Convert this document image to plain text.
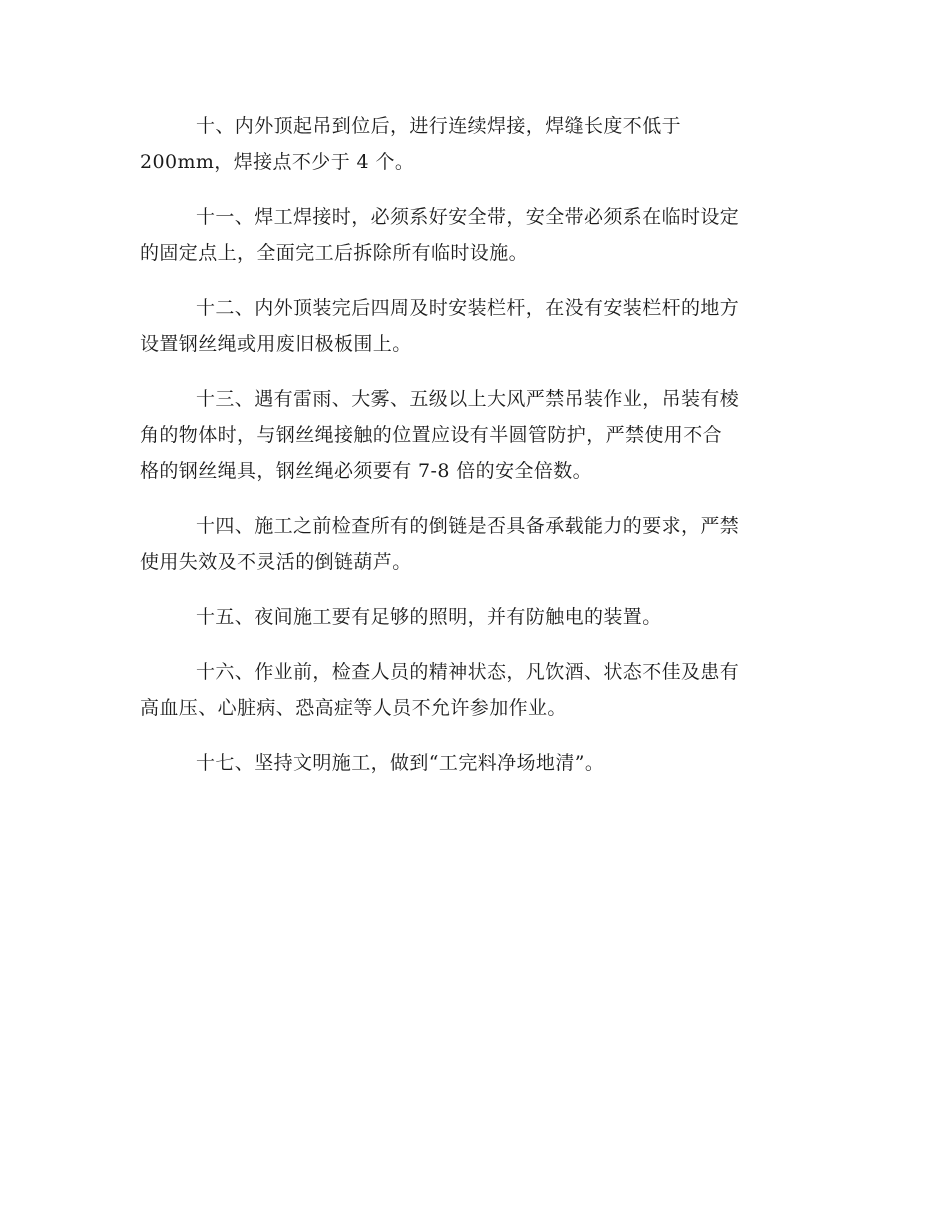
十、内外顶起吊到位后，进行连续焊接，焊缝长度不低于
200mm，焊接点不少于 4 个。

十一、焊工焊接时，必须系好安全带，安全带必须系在临时设定
的固定点上，全面完工后拆除所有临时设施。

十二、内外顶装完后四周及时安装栏杆，在没有安装栏杆的地方
设置钢丝绳或用废旧极板围上。

十三、遇有雷雨、大雾、五级以上大风严禁吊装作业，吊装有棱
角的物体时，与钢丝绳接触的位置应设有半圆管防护，严禁使用不合
格的钢丝绳具，钢丝绳必须要有 7-8 倍的安全倍数。

十四、施工之前检查所有的倒链是否具备承载能力的要求，严禁
使用失效及不灵活的倒链葫芦。

十五、夜间施工要有足够的照明，并有防触电的装置。

十六、作业前，检查人员的精神状态，凡饮酒、状态不佳及患有
高血压、心脏病、恐高症等人员不允许参加作业。

十七、坚持文明施工，做到“工完料净场地清”。
